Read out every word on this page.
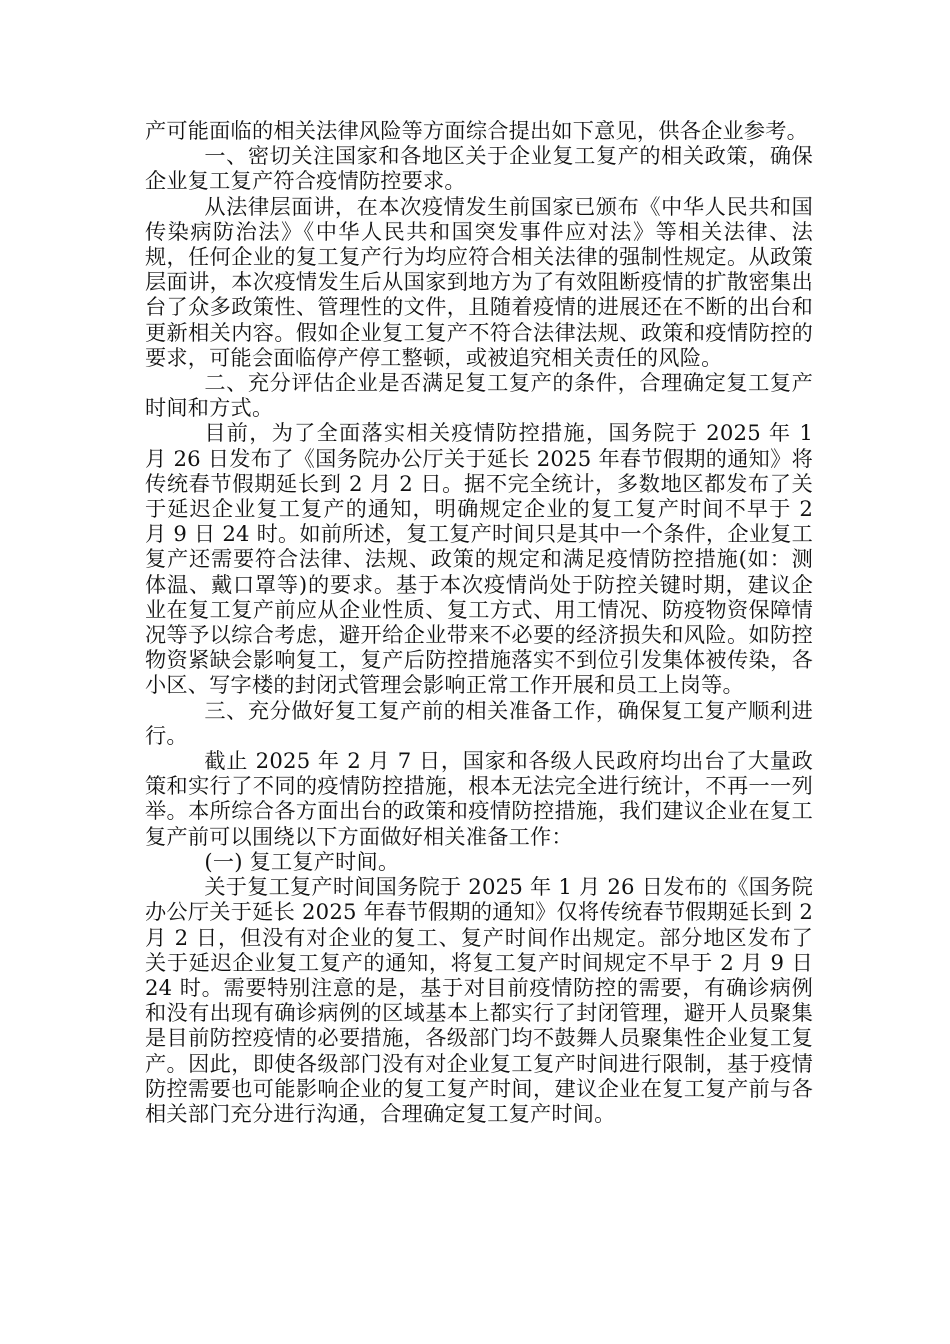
产可能面临的相关法律风险等方面综合提出如下意见，供各企业参考。

一、密切关注国家和各地区关于企业复工复产的相关政策，确保企业复工复产符合疫情防控要求。

从法律层面讲，在本次疫情发生前国家已颁布《中华人民共和国传染病防治法》《中华人民共和国突发事件应对法》等相关法律、法规，任何企业的复工复产行为均应符合相关法律的强制性规定。从政策层面讲，本次疫情发生后从国家到地方为了有效阻断疫情的扩散密集出台了众多政策性、管理性的文件，且随着疫情的进展还在不断的出台和更新相关内容。假如企业复工复产不符合法律法规、政策和疫情防控的要求，可能会面临停产停工整顿，或被追究相关责任的风险。

二、充分评估企业是否满足复工复产的条件，合理确定复工复产时间和方式。

目前，为了全面落实相关疫情防控措施，国务院于 2025 年 1 月 26 日发布了《国务院办公厅关于延长 2025 年春节假期的通知》将传统春节假期延长到 2 月 2 日。据不完全统计，多数地区都发布了关于延迟企业复工复产的通知，明确规定企业的复工复产时间不早于 2 月 9 日 24 时。如前所述，复工复产时间只是其中一个条件，企业复工复产还需要符合法律、法规、政策的规定和满足疫情防控措施(如：测体温、戴口罩等)的要求。基于本次疫情尚处于防控关键时期，建议企业在复工复产前应从企业性质、复工方式、用工情况、防疫物资保障情况等予以综合考虑，避开给企业带来不必要的经济损失和风险。如防控物资紧缺会影响复工，复产后防控措施落实不到位引发集体被传染，各小区、写字楼的封闭式管理会影响正常工作开展和员工上岗等。

三、充分做好复工复产前的相关准备工作，确保复工复产顺利进行。

截止 2025 年 2 月 7 日，国家和各级人民政府均出台了大量政策和实行了不同的疫情防控措施，根本无法完全进行统计，不再一一列举。本所综合各方面出台的政策和疫情防控措施，我们建议企业在复工复产前可以围绕以下方面做好相关准备工作：

(一) 复工复产时间。

关于复工复产时间国务院于 2025 年 1 月 26 日发布的《国务院办公厅关于延长 2025 年春节假期的通知》仅将传统春节假期延长到 2 月 2 日，但没有对企业的复工、复产时间作出规定。部分地区发布了关于延迟企业复工复产的通知，将复工复产时间规定不早于 2 月 9 日 24 时。需要特别注意的是，基于对目前疫情防控的需要，有确诊病例和没有出现有确诊病例的区域基本上都实行了封闭管理，避开人员聚集是目前防控疫情的必要措施，各级部门均不鼓舞人员聚集性企业复工复产。因此，即使各级部门没有对企业复工复产时间进行限制，基于疫情防控需要也可能影响企业的复工复产时间，建议企业在复工复产前与各相关部门充分进行沟通，合理确定复工复产时间。
